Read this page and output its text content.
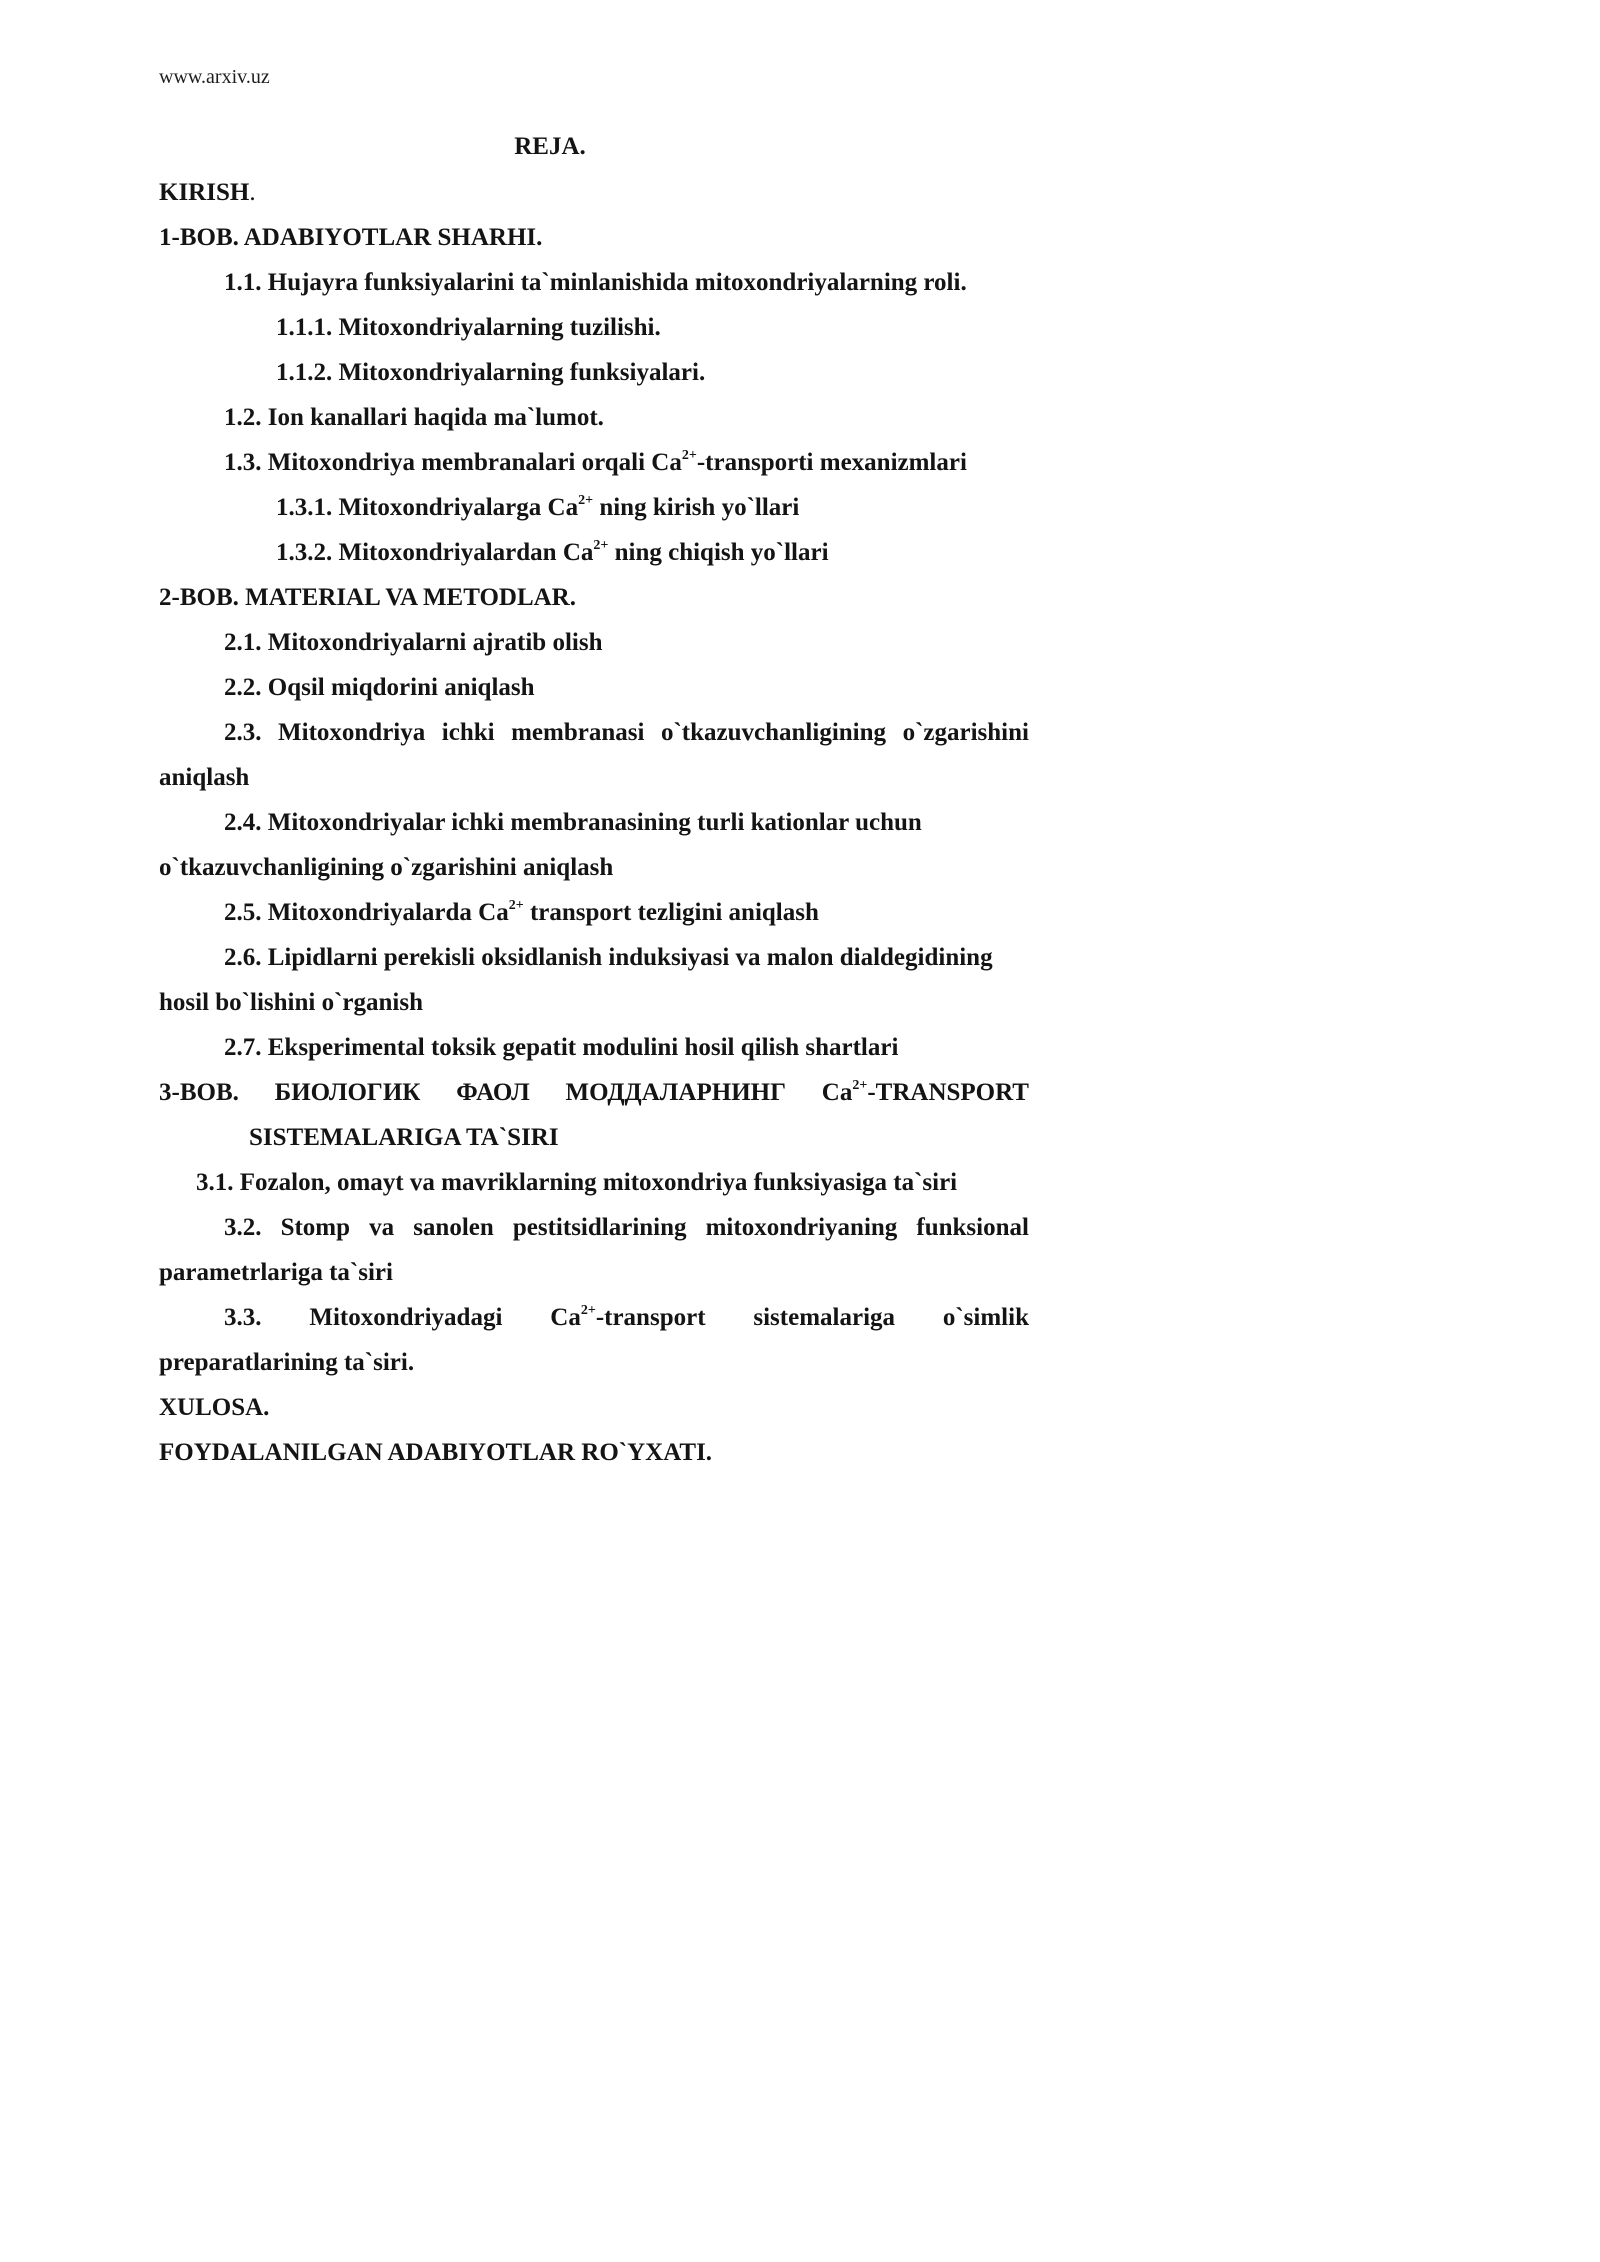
www.arxiv.uz
REJA.
KIRISH.
1-BOB. ADABIYOTLAR SHARHI.
1.1. Hujayra funksiyalarini ta`minlanishida mitoxondriyalarning roli.
1.1.1. Mitoxondriyalarning tuzilishi.
1.1.2. Mitoxondriyalarning funksiyalari.
1.2. Ion kanallari haqida ma`lumot.
1.3. Mitoxondriya membranalari orqali $Ca^{2+}$-transporti mexanizmlari
1.3.1. Mitoxondriyalarga $Ca^{2+}$ ning kirish yo`llari
1.3.2. Mitoxondriyalardan $Ca^{2+}$ ning chiqish yo`llari
2-BOB. MATERIAL VA METODLAR.
2.1. Mitoxondriyalarni ajratib olish
2.2. Oqsil miqdorini aniqlash
2.3. Mitoxondriya ichki membranasi o`tkazuvchanligining o`zgarishini
aniqlash
2.4. Mitoxondriyalar ichki membranasining turli kationlar uchun
o`tkazuvchanligining o`zgarishini aniqlash
2.5. Mitoxondriyalarda $Ca^{2+}$ transport tezligini aniqlash
2.6. Lipidlarni perekisli oksidlanish induksiyasi va malon dialdegidining
hosil bo`lishini o`rganish
2.7. Eksperimental toksik gepatit modulini hosil qilish shartlari
3-BOB. БИОЛОГИК ФАОЛ МОДДАЛАРНИНГ $Ca^{2+}$-TRANSPORT
SISTEMALARIGA TA`SIRI
3.1. Fozalon, omayt va mavriklarning mitoxondriya funksiyasiga ta`siri
3.2. Stomp va sanolen pestitsidlarining mitoxondriyaning funksional
parametrlariga ta`siri
3.3. Mitoxondriyadagi $Ca^{2+}$-transport sistemalariga o`simlik
preparatlarining ta`siri.
XULOSA.
FOYDALANILGAN ADABIYOTLAR RO`YXATI.
